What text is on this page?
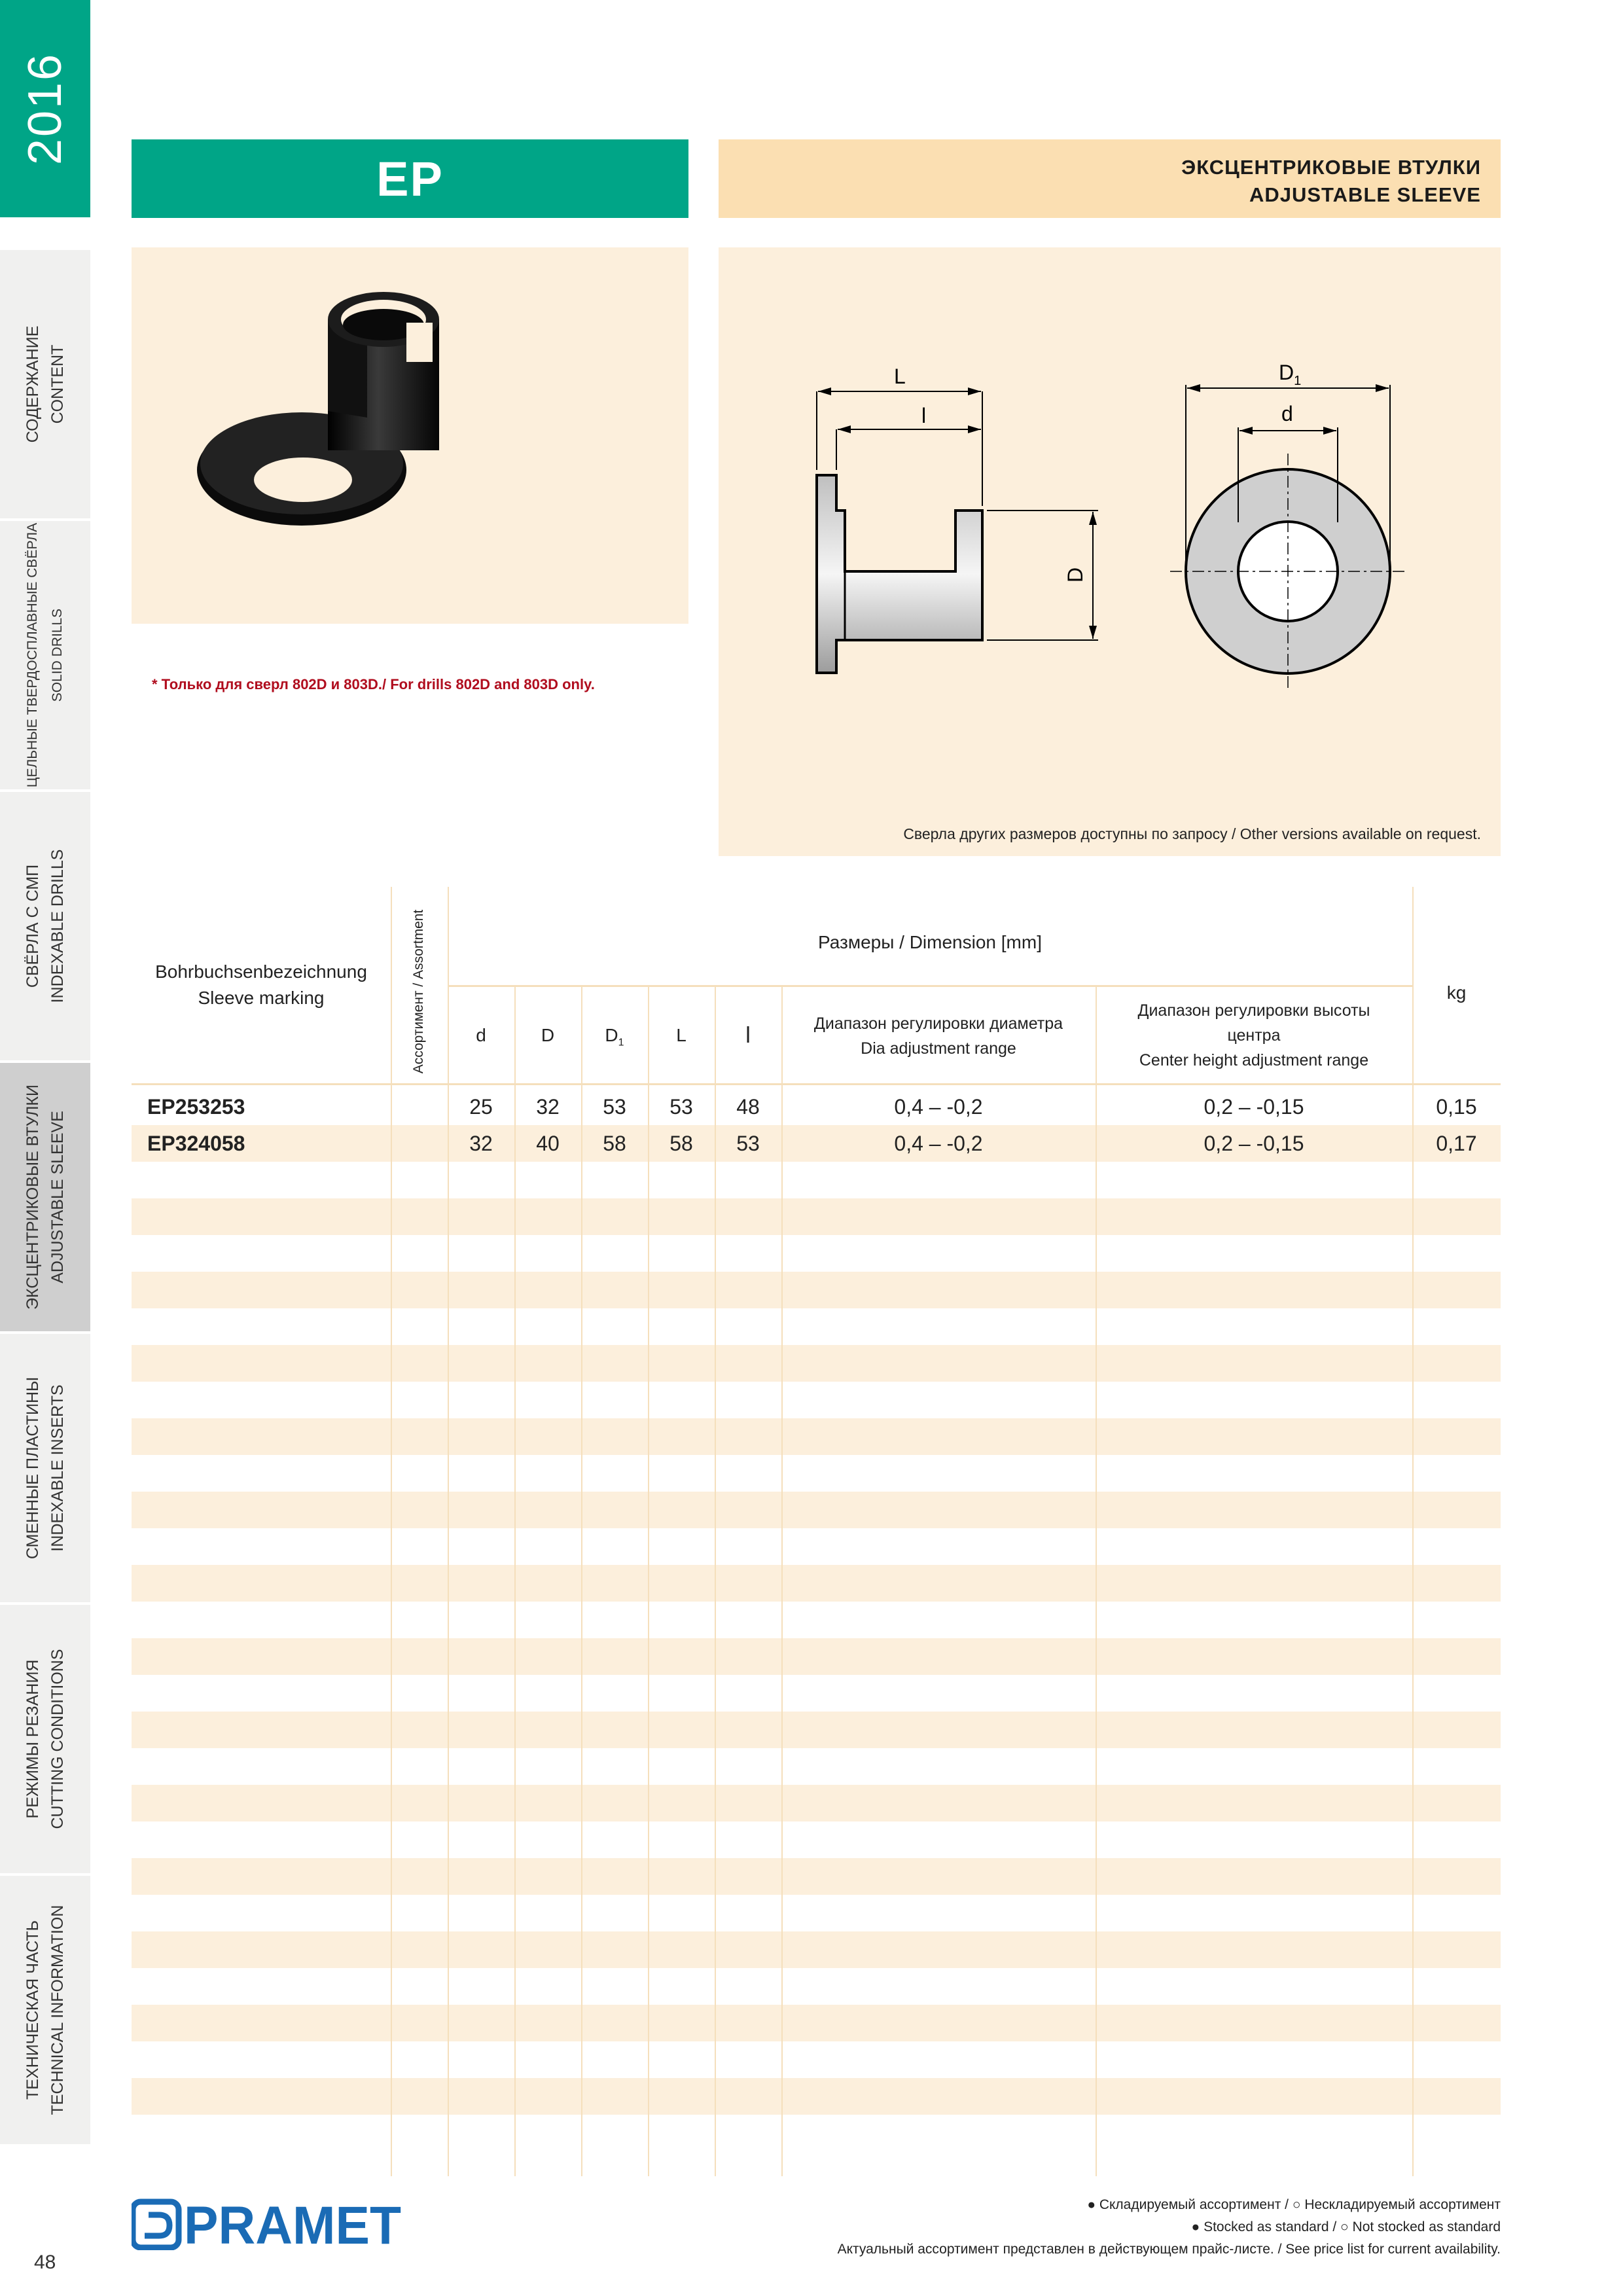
2016
СОДЕРЖАНИЕ CONTENT
ЦЕЛЬНЫЕ ТВЕРДОСПЛАВНЫЕ СВЁРЛА SOLID DRILLS
СВЁРЛА С СМП INDEXABLE DRILLS
ЭКСЦЕНТРИКОВЫЕ ВТУЛКИ ADJUSTABLE SLEEVE
СМЕННЫЕ ПЛАСТИНЫ INDEXABLE INSERTS
РЕЖИМЫ РЕЗАНИЯ CUTTING CONDITIONS
ТЕХНИЧЕСКАЯ ЧАСТЬ TECHNICAL INFORMATION
48
EP	ЭКСЦЕНТРИКОВЫЕ ВТУЛКИ
ADJUSTABLE SLEEVE
* Только для сверл 802D и 803D./ For drills 802D and 803D only.
L
l
D
$D_1$
d
Сверла других размеров доступны по запросу / Other versions available on request.
Bohrbuchsenbezeichnung
Sleeve marking	Ассортимент / Assortment	Размеры / Dimension [mm]
kg
d	D	$D_1$	L	l	Диапазон регулировки диаметра
Dia adjustment range
Диапазон регулировки высоты
центра
Center height adjustment range
EP253253	25	32	53	53	48	0,4 – -0,2	0,2 – -0,15	0,15
EP324058	32	40	58	58	53	0,4 – -0,2	0,2 – -0,15	0,17
PRAMET	● Складируемый ассортимент / ○ Нескладируемый ассортимент
● Stocked as standard / ○ Not stocked as standard
Актуальный ассортимент представлен в действующем прайс-листе. / See price list for current availability.
